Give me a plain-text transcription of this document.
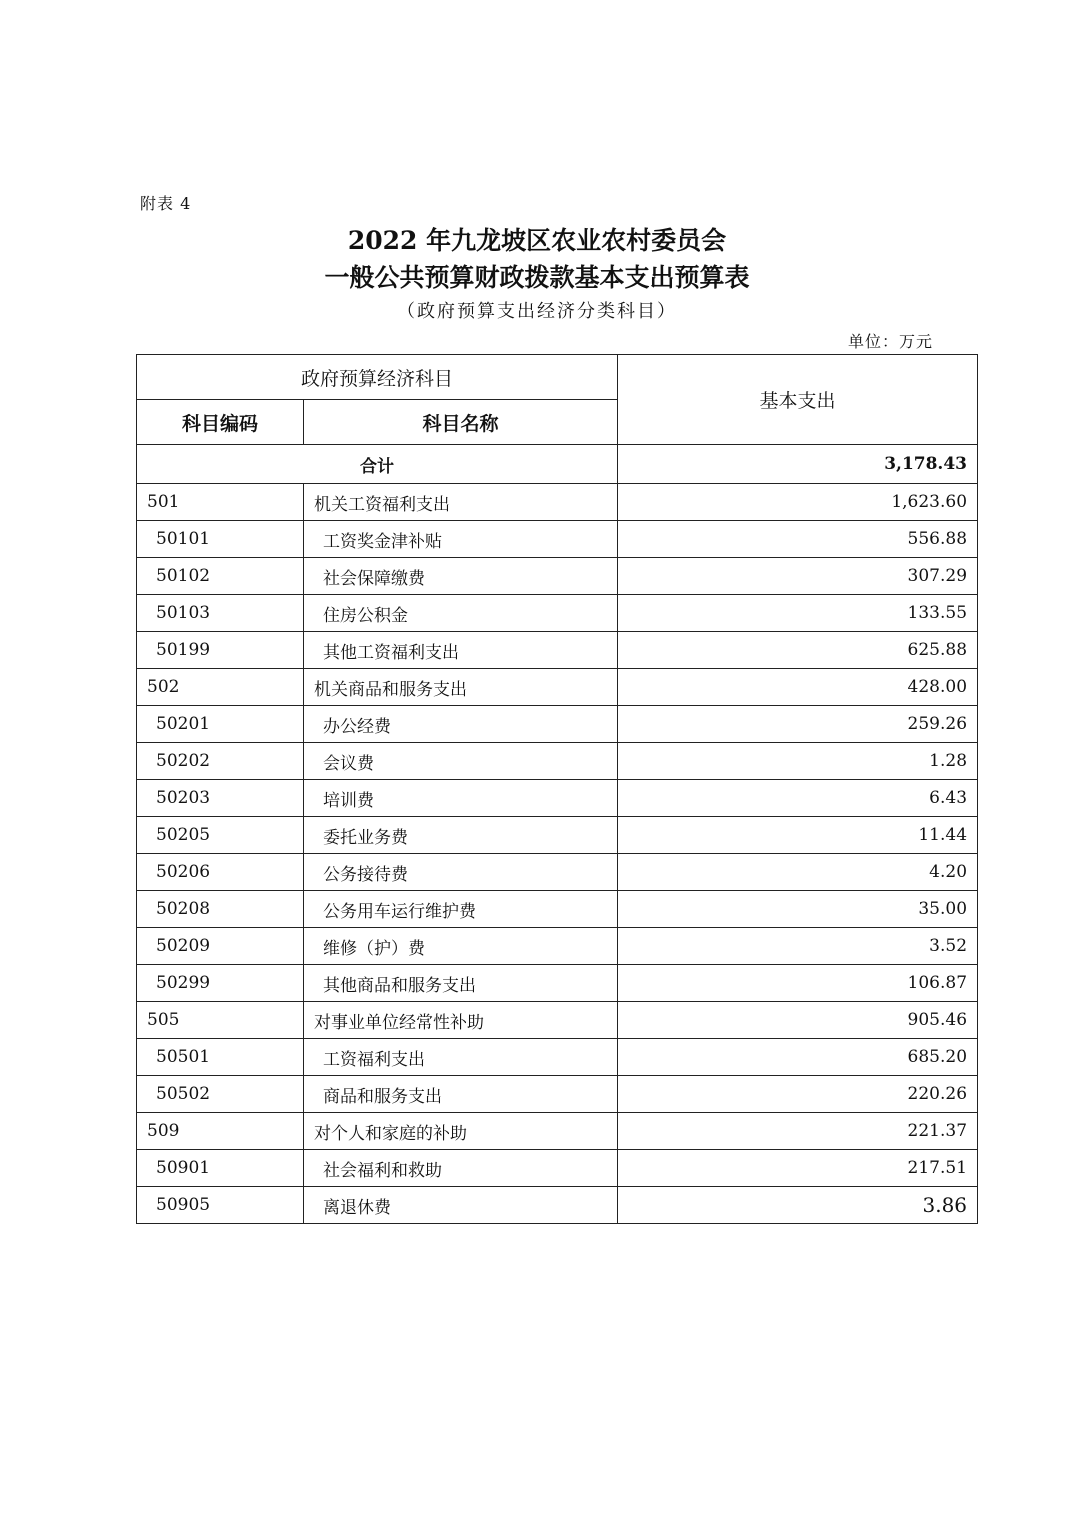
附表 4
2022 年九龙坡区农业农村委员会
一般公共预算财政拨款基本支出预算表
（政府预算支出经济分类科目）
单位：万元
政府预算经济科目		基本支出
科目编码	科目名称	
合计		3,178.43
501	机关工资福利支出	1,623.60
50101	工资奖金津补贴	556.88
50102	社会保障缴费	307.29
50103	住房公积金	133.55
50199	其他工资福利支出	625.88
502	机关商品和服务支出	428.00
50201	办公经费	259.26
50202	会议费	1.28
50203	培训费	6.43
50205	委托业务费	11.44
50206	公务接待费	4.20
50208	公务用车运行维护费	35.00
50209	维修（护）费	3.52
50299	其他商品和服务支出	106.87
505	对事业单位经常性补助	905.46
50501	工资福利支出	685.20
50502	商品和服务支出	220.26
509	对个人和家庭的补助	221.37
50901	社会福利和救助	217.51
50905	离退休费	3.86
